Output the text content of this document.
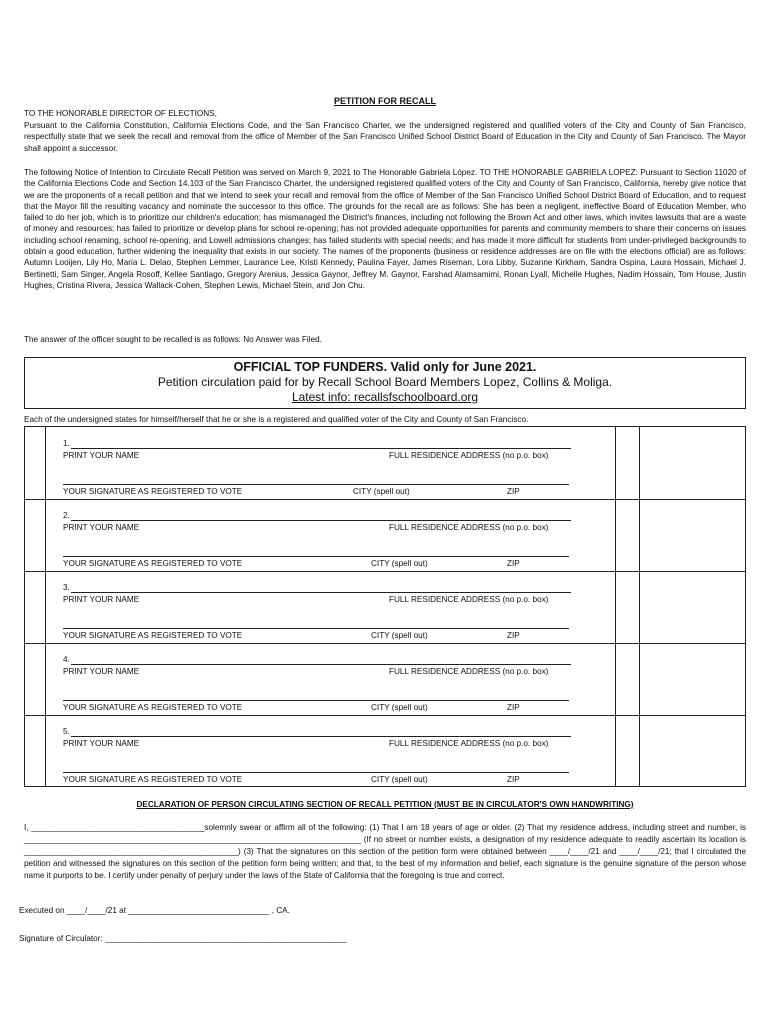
PETITION FOR RECALL
TO THE HONORABLE DIRECTOR OF ELECTIONS,
Pursuant to the California Constitution, California Elections Code, and the San Francisco Charter, we the undersigned registered and qualified voters of the City and County of San Francisco, respectfully state that we seek the recall and removal from the office of Member of the San Francisco Unified School District Board of Education in the City and County of San Francisco. The Mayor shall appoint a successor.
The following Notice of Intention to Circulate Recall Petition was served on March 9, 2021 to The Honorable Gabriela López. TO THE HONORABLE GABRIELA LOPEZ: Pursuant to Section 11020 of the California Elections Code and Section 14.103 of the San Francisco Charter, the undersigned registered qualified voters of the City and County of San Francisco, California, hereby give notice that we are the proponents of a recall petition and that we intend to seek your recall and removal from the office of Member of the San Francisco Unified School District Board of Education, and to request that the Mayor fill the resulting vacancy and nominate the successor to this office. The grounds for the recall are as follows: She has been a negligent, ineffective Board of Education Member, who failed to do her job, which is to prioritize our children's education; has mismanaged the District's finances, including not following the Brown Act and other laws, which invites lawsuits that are a waste of money and resources; has failed to prioritize or develop plans for school re-opening; has not provided adequate opportunities for parents and community members to share their concerns on issues including school renaming, school re-opening, and Lowell admissions changes; has failed students with special needs; and has made it more difficult for students from under-privileged backgrounds to obtain a good education, further widening the inequality that exists in our society. The names of the proponents (business or residence addresses are on file with the elections official) are as follows: Autumn Looijen, Lily Ho, Maria L. Delao, Stephen Lemmer, Laurance Lee, Kristi Kennedy, Paulina Fayer, James Riseman, Lora Libby, Suzanne Kirkham, Sandra Ospina, Laura Hossain, Michael J. Bertinetti, Sam Singer, Angela Rosoff, Kellee Santiago, Gregory Arenius, Jessica Gaynor, Jeffrey M. Gaynor, Farshad Alamsamimi, Ronan Lyall, Michelle Hughes, Nadim Hossain, Tom House, Justin Hughes, Cristina Rivera, Jessica Wallack-Cohen, Stephen Lewis, Michael Stein, and Jon Chu.
The answer of the officer sought to be recalled is as follows: No Answer was Filed.
OFFICIAL TOP FUNDERS. Valid only for June 2021.
Petition circulation paid for by Recall School Board Members Lopez, Collins & Moliga.
Latest info: recallsfschoolboard.org
Each of the undersigned states for himself/herself that he or she is a registered and qualified voter of the City and County of San Francisco.
1.
PRINT YOUR NAME	FULL RESIDENCE ADDRESS (no p.o. box)
YOUR SIGNATURE AS REGISTERED TO VOTE	CITY (spell out)	ZIP
2.
PRINT YOUR NAME	FULL RESIDENCE ADDRESS (no p.o. box)
YOUR SIGNATURE AS REGISTERED TO VOTE	CITY (spell out)	ZIP
3.
PRINT YOUR NAME	FULL RESIDENCE ADDRESS (no p.o. box)
YOUR SIGNATURE AS REGISTERED TO VOTE	CITY (spell out)	ZIP
4.
PRINT YOUR NAME	FULL RESIDENCE ADDRESS (no p.o. box)
YOUR SIGNATURE AS REGISTERED TO VOTE	CITY (spell out)	ZIP
5.
PRINT YOUR NAME	FULL RESIDENCE ADDRESS (no p.o. box)
YOUR SIGNATURE AS REGISTERED TO VOTE	CITY (spell out)	ZIP
DECLARATION OF PERSON CIRCULATING SECTION OF RECALL PETITION (MUST BE IN CIRCULATOR'S OWN HANDWRITING)
I, ______________________________________solemnly swear or affirm all of the following: (1) That I am 18 years of age or older. (2) That my residence address, including street and number, is __________________________________________________________________________ (If no street or number exists, a designation of my residence adequate to readily ascertain its location is _______________________________________________) (3) That the signatures on this section of the petition form were obtained between ____/____/21 and ____/____/21; that I circulated the petition and witnessed the signatures on this section of the petition form being written; and that, to the best of my information and belief, each signature is the genuine signature of the person whose name it purports to be. I certify under penalty of perjury under the laws of the State of California that the foregoing is true and correct.
Executed on ____/____/21 at _______________________________ , CA.
Signature of Circulator: _____________________________________________________
